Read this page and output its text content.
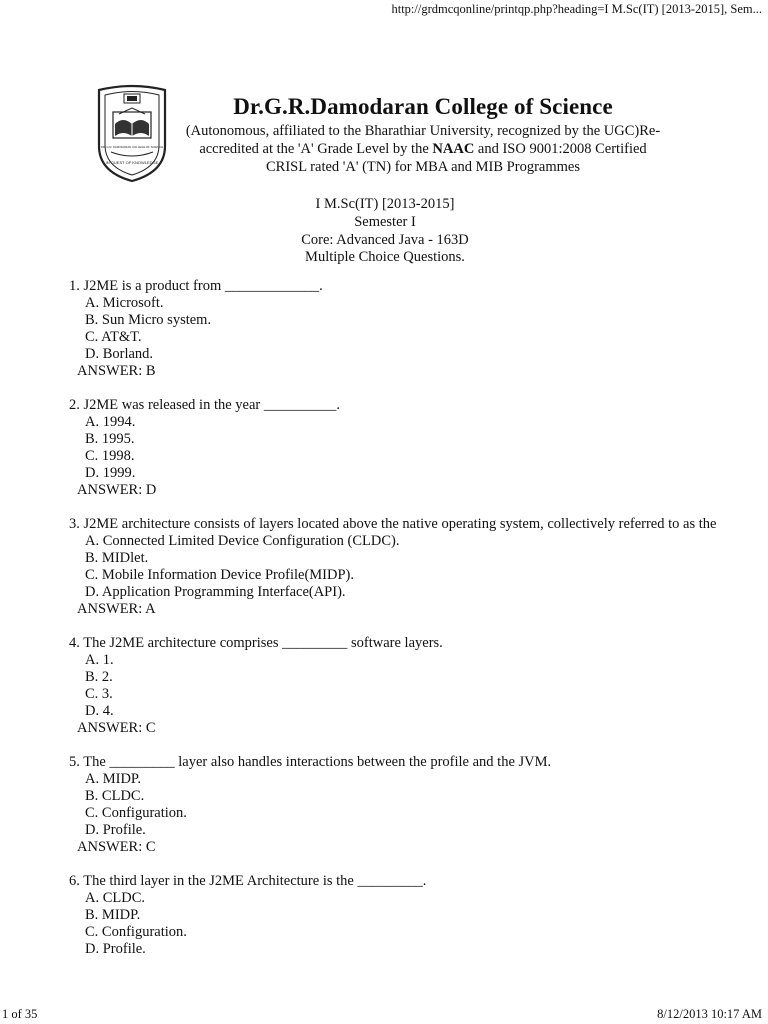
http://grdmcqonline/printqp.php?heading=I M.Sc(IT) [2013-2015], Sem...
IN QUEST OF KNOWLEDGE
DR. G.R. DAMODARAN COLLEGE OF SCIENCE
Dr.G.R.Damodaran College of Science
(Autonomous, affiliated to the Bharathiar University, recognized by the UGC)Re-
accredited at the 'A' Grade Level by the NAAC and ISO 9001:2008 Certified
CRISL rated 'A' (TN) for MBA and MIB Programmes
I M.Sc(IT) [2013-2015]
Semester I
Core: Advanced Java - 163D
Multiple Choice Questions.
1. J2ME is a product from _____________.
A. Microsoft.
B. Sun Micro system.
C. AT&T.
D. Borland.
ANSWER: B
2. J2ME was released in the year __________.
A. 1994.
B. 1995.
C. 1998.
D. 1999.
ANSWER: D
3. J2ME architecture consists of layers located above the native operating system, collectively referred to as the
A. Connected Limited Device Configuration (CLDC).
B. MIDlet.
C. Mobile Information Device Profile(MIDP).
D. Application Programming Interface(API).
ANSWER: A
4. The J2ME architecture comprises _________ software layers.
A. 1.
B. 2.
C. 3.
D. 4.
ANSWER: C
5. The _________ layer also handles interactions between the profile and the JVM.
A. MIDP.
B. CLDC.
C. Configuration.
D. Profile.
ANSWER: C
6. The third layer in the J2ME Architecture is the _________.
A. CLDC.
B. MIDP.
C. Configuration.
D. Profile.
1 of 35	8/12/2013 10:17 AM
